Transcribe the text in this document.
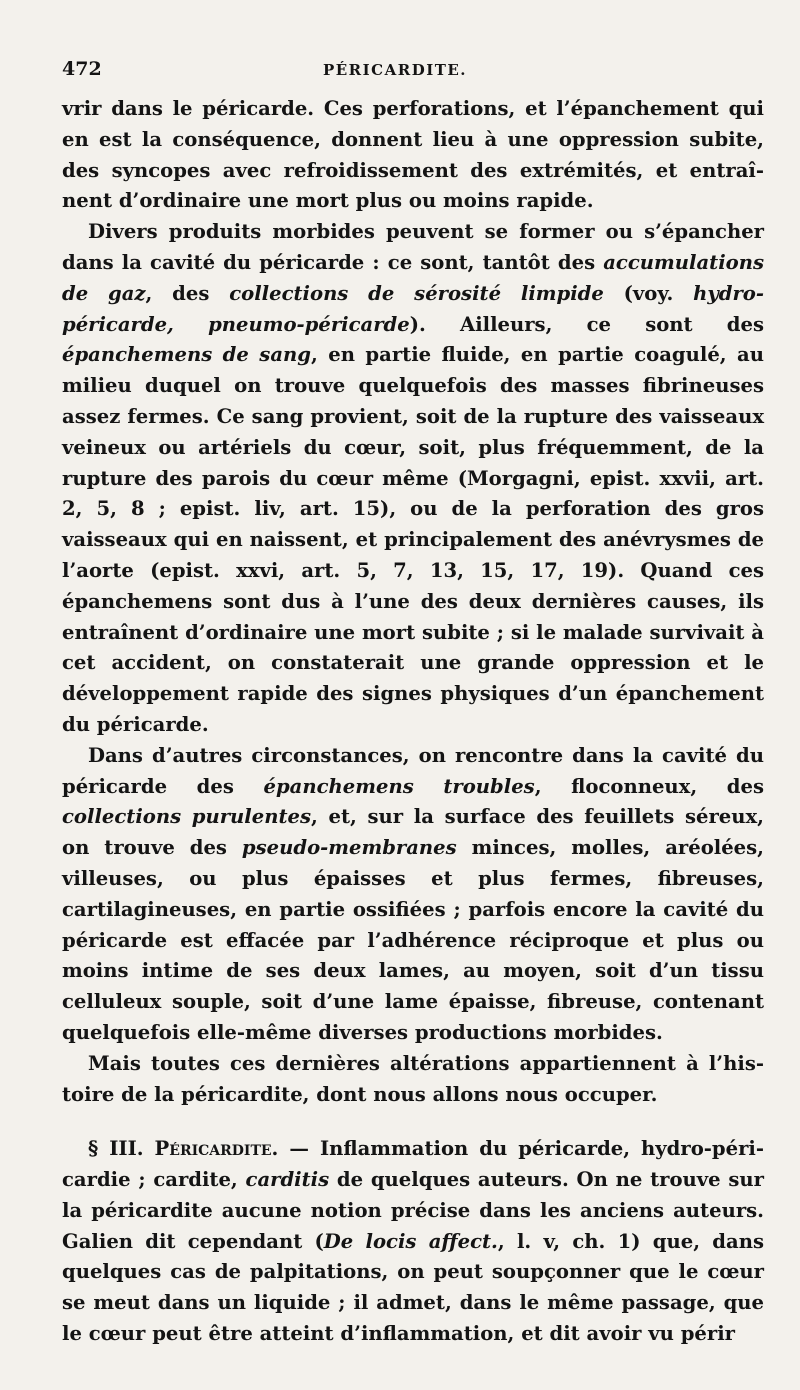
472	PÉRICARDITE.

vrir dans le péricarde. Ces perforations, et l’épanchement qui en est la conséquence, donnent lieu à une oppression subite, des syncopes avec refroidissement des extrémités, et entraînent d’ordinaire une mort plus ou moins rapide.

Divers produits morbides peuvent se former ou s’épancher dans la cavité du péricarde : ce sont, tantôt des accumulations de gaz, des collections de sérosité limpide (voy. hydro-péricarde, pneumo-péricarde). Ailleurs, ce sont des épanchemens de sang, en partie fluide, en partie coagulé, au milieu duquel on trouve quelquefois des masses fibrineuses assez fermes. Ce sang provient, soit de la rupture des vaisseaux veineux ou artériels du cœur, soit, plus fréquemment, de la rupture des parois du cœur même (Morgagni, epist. xxvii, art. 2, 5, 8 ; epist. liv, art. 15), ou de la perforation des gros vaisseaux qui en naissent, et principalement des anévrysmes de l’aorte (epist. xxvi, art. 5, 7, 13, 15, 17, 19). Quand ces épanchemens sont dus à l’une des deux dernières causes, ils entraînent d’ordinaire une mort subite ; si le malade survivait à cet accident, on constaterait une grande oppression et le développement rapide des signes physiques d’un épanchement du péricarde.

Dans d’autres circonstances, on rencontre dans la cavité du péricarde des épanchemens troubles, floconneux, des collections purulentes, et, sur la surface des feuillets séreux, on trouve des pseudo-membranes minces, molles, aréolées, villeuses, ou plus épaisses et plus fermes, fibreuses, cartilagineuses, en partie ossifiées ; parfois encore la cavité du péricarde est effacée par l’adhérence réciproque et plus ou moins intime de ses deux lames, au moyen, soit d’un tissu celluleux souple, soit d’une lame épaisse, fibreuse, contenant quelquefois elle-même diverses productions morbides.

Mais toutes ces dernières altérations appartiennent à l’histoire de la péricardite, dont nous allons nous occuper.

§ III. Péricardite. — Inflammation du péricarde, hydro-péricardie ; cardite, carditis de quelques auteurs. On ne trouve sur la péricardite aucune notion précise dans les anciens auteurs. Galien dit cependant (De locis affect., l. v, ch. 1) que, dans quelques cas de palpitations, on peut soupçonner que le cœur se meut dans un liquide ; il admet, dans le même passage, que le cœur peut être atteint d’inflammation, et dit avoir vu périr
